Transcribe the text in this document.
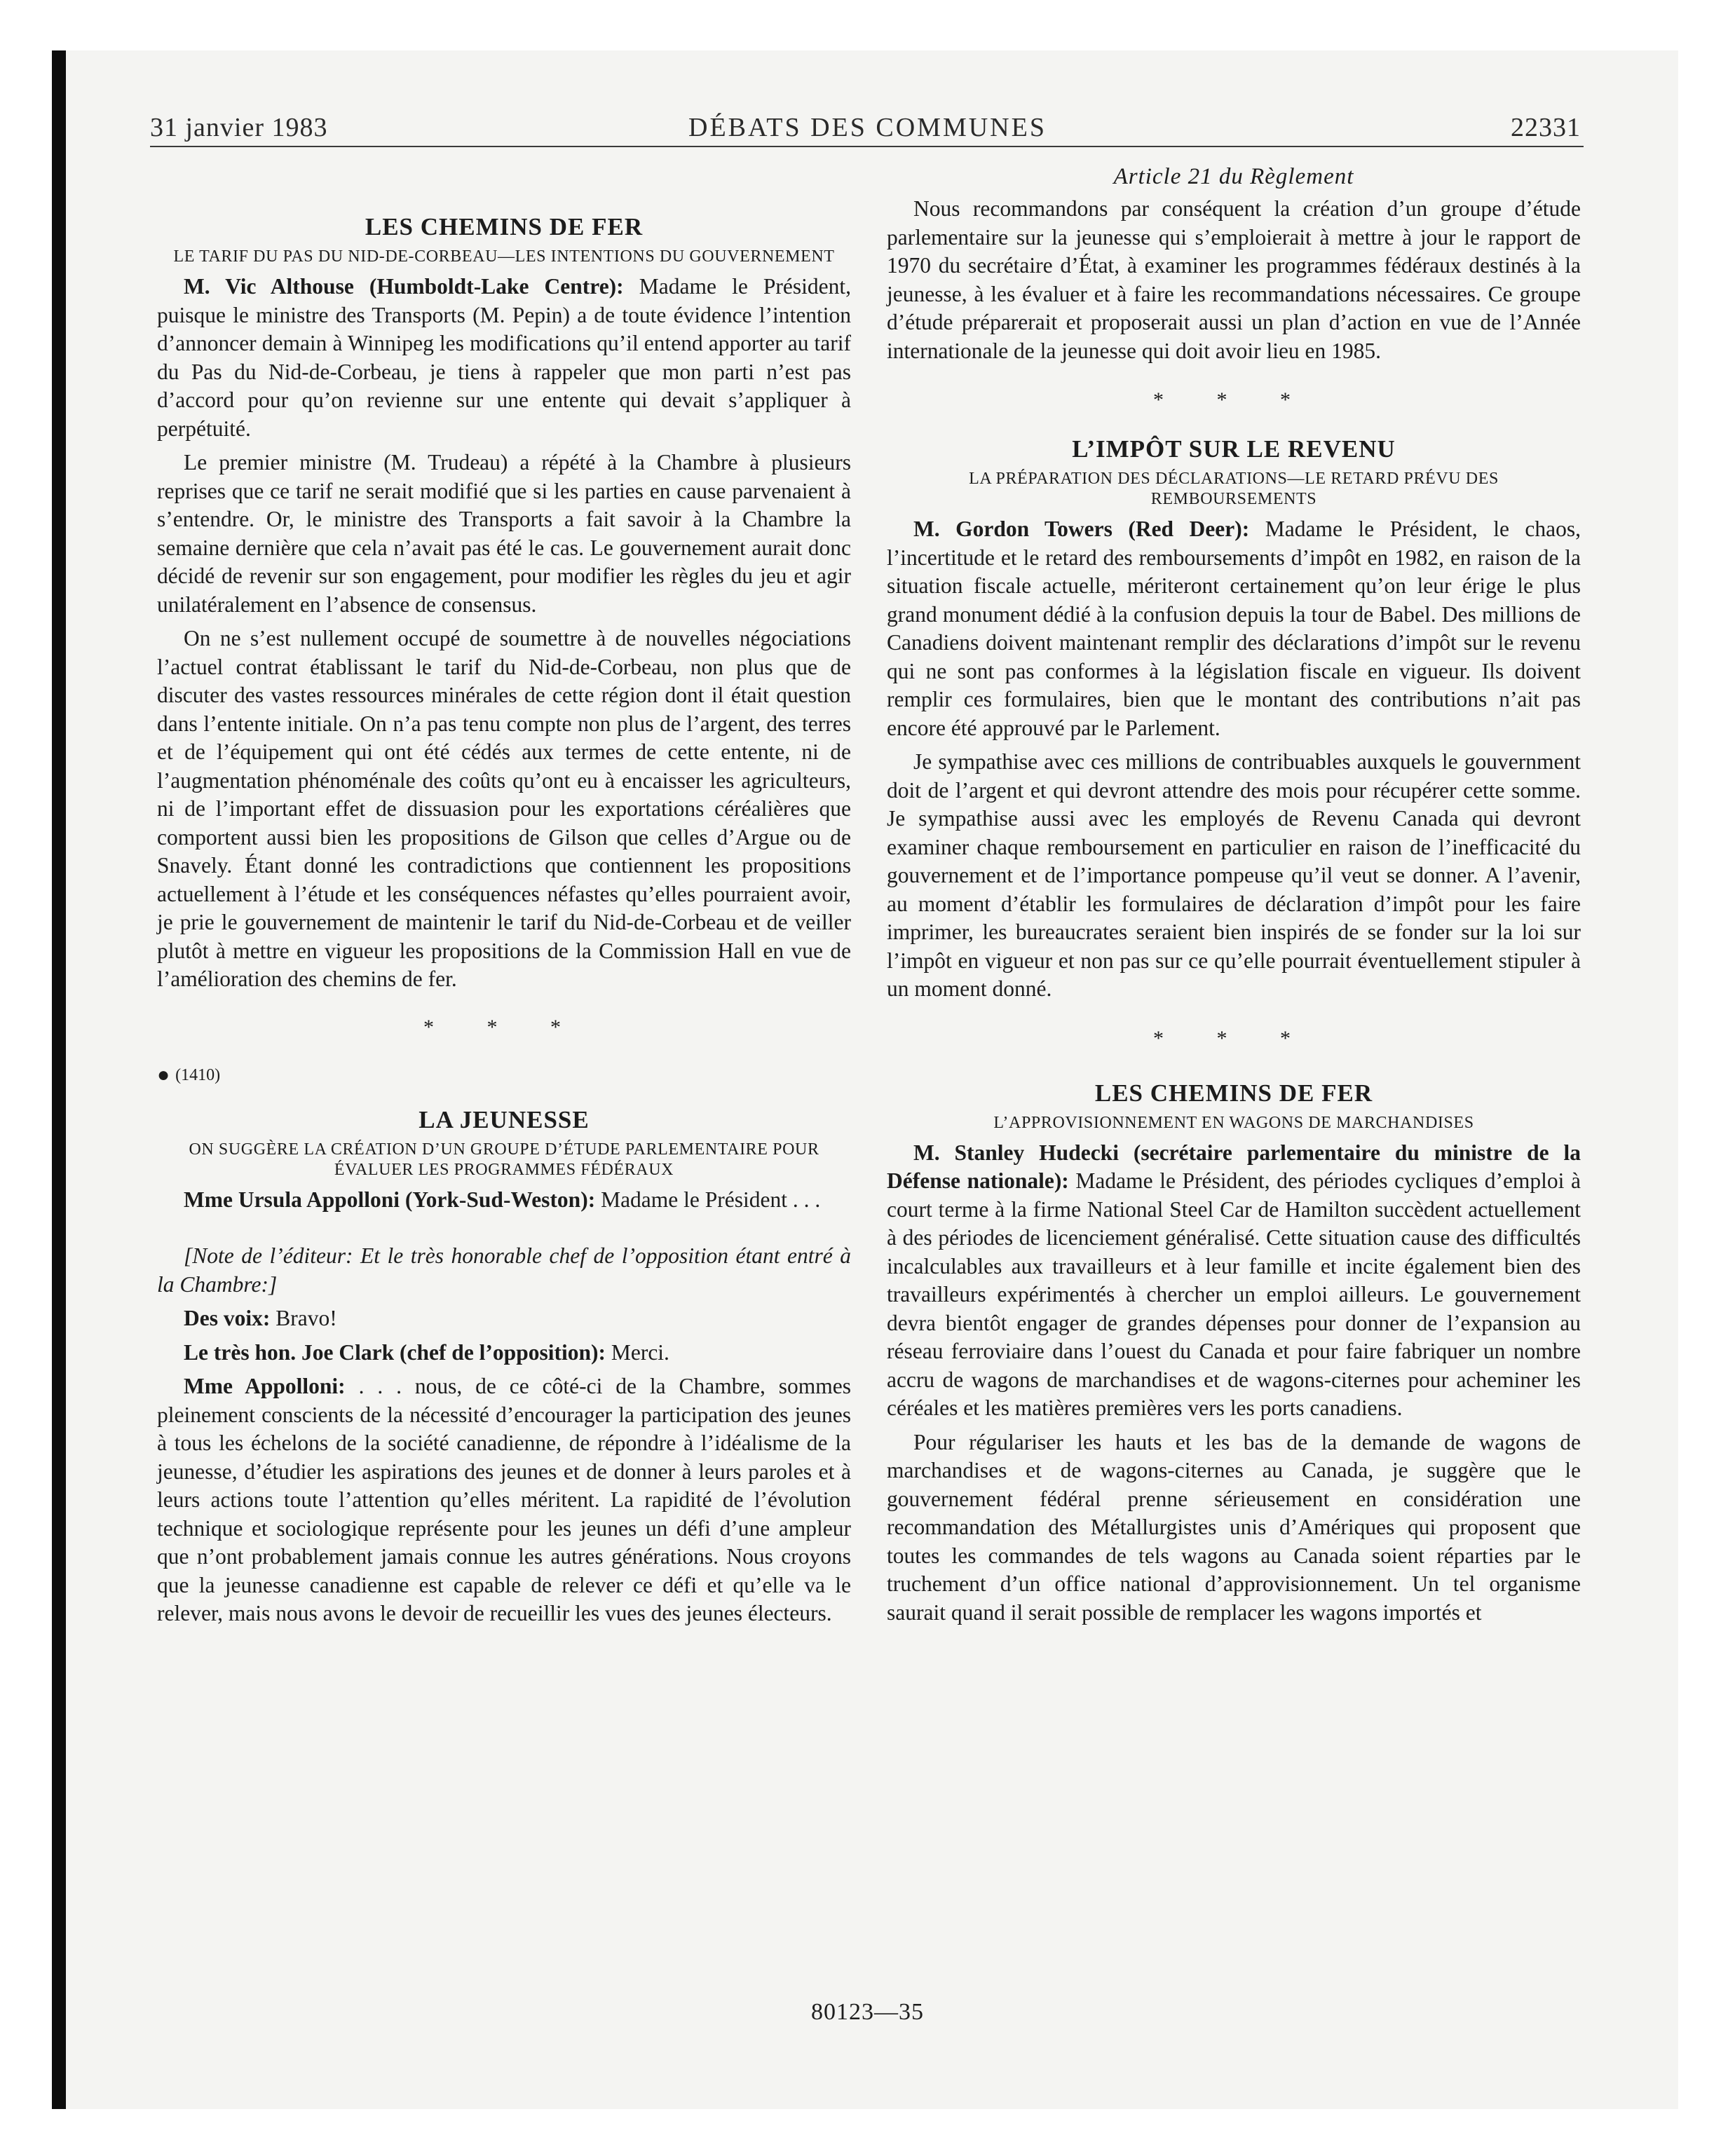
31 janvier 1983	DÉBATS DES COMMUNES	22331
LES CHEMINS DE FER
LE TARIF DU PAS DU NID-DE-CORBEAU—LES INTENTIONS DU GOUVERNEMENT

M. Vic Althouse (Humboldt-Lake Centre): Madame le Président, puisque le ministre des Transports (M. Pepin) a de toute évidence l’intention d’annoncer demain à Winnipeg les modifications qu’il entend apporter au tarif du Pas du Nid-de-Corbeau, je tiens à rappeler que mon parti n’est pas d’accord pour qu’on revienne sur une entente qui devait s’appliquer à perpétuité.

Le premier ministre (M. Trudeau) a répété à la Chambre à plusieurs reprises que ce tarif ne serait modifié que si les parties en cause parvenaient à s’entendre. Or, le ministre des Transports a fait savoir à la Chambre la semaine dernière que cela n’avait pas été le cas. Le gouvernement aurait donc décidé de revenir sur son engagement, pour modifier les règles du jeu et agir unilatéralement en l’absence de consensus.

On ne s’est nullement occupé de soumettre à de nouvelles négociations l’actuel contrat établissant le tarif du Nid-de-Corbeau, non plus que de discuter des vastes ressources minérales de cette région dont il était question dans l’entente initiale. On n’a pas tenu compte non plus de l’argent, des terres et de l’équipement qui ont été cédés aux termes de cette entente, ni de l’augmentation phénoménale des coûts qu’ont eu à encaisser les agriculteurs, ni de l’important effet de dissuasion pour les exportations céréalières que comportent aussi bien les propositions de Gilson que celles d’Argue ou de Snavely. Étant donné les contradictions que contiennent les propositions actuellement à l’étude et les conséquences néfastes qu’elles pourraient avoir, je prie le gouvernement de maintenir le tarif du Nid-de-Corbeau et de veiller plutôt à mettre en vigueur les propositions de la Commission Hall en vue de l’amélioration des chemins de fer.

* * *

● (1410)

LA JEUNESSE
ON SUGGÈRE LA CRÉATION D’UN GROUPE D’ÉTUDE PARLEMENTAIRE POUR ÉVALUER LES PROGRAMMES FÉDÉRAUX

Mme Ursula Appolloni (York-Sud-Weston): Madame le Président . . .

[Note de l’éditeur: Et le très honorable chef de l’opposition étant entré à la Chambre:]

Des voix: Bravo!

Le très hon. Joe Clark (chef de l’opposition): Merci.

Mme Appolloni: . . . nous, de ce côté-ci de la Chambre, sommes pleinement conscients de la nécessité d’encourager la participation des jeunes à tous les échelons de la société canadienne, de répondre à l’idéalisme de la jeunesse, d’étudier les aspirations des jeunes et de donner à leurs paroles et à leurs actions toute l’attention qu’elles méritent. La rapidité de l’évolution technique et sociologique représente pour les jeunes un défi d’une ampleur que n’ont probablement jamais connue les autres générations. Nous croyons que la jeunesse canadienne est capable de relever ce défi et qu’elle va le relever, mais nous avons le devoir de recueillir les vues des jeunes électeurs.

Article 21 du Règlement

Nous recommandons par conséquent la création d’un groupe d’étude parlementaire sur la jeunesse qui s’emploierait à mettre à jour le rapport de 1970 du secrétaire d’État, à examiner les programmes fédéraux destinés à la jeunesse, à les évaluer et à faire les recommandations nécessaires. Ce groupe d’étude préparerait et proposerait aussi un plan d’action en vue de l’Année internationale de la jeunesse qui doit avoir lieu en 1985.

* * *
L’IMPÔT SUR LE REVENU
LA PRÉPARATION DES DÉCLARATIONS—LE RETARD PRÉVU DES REMBOURSEMENTS

M. Gordon Towers (Red Deer): Madame le Président, le chaos, l’incertitude et le retard des remboursements d’impôt en 1982, en raison de la situation fiscale actuelle, mériteront certainement qu’on leur érige le plus grand monument dédié à la confusion depuis la tour de Babel. Des millions de Canadiens doivent maintenant remplir des déclarations d’impôt sur le revenu qui ne sont pas conformes à la législation fiscale en vigueur. Ils doivent remplir ces formulaires, bien que le montant des contributions n’ait pas encore été approuvé par le Parlement.

Je sympathise avec ces millions de contribuables auxquels le gouvernment doit de l’argent et qui devront attendre des mois pour récupérer cette somme. Je sympathise aussi avec les employés de Revenu Canada qui devront examiner chaque remboursement en particulier en raison de l’inefficacité du gouvernement et de l’importance pompeuse qu’il veut se donner. A l’avenir, au moment d’établir les formulaires de déclaration d’impôt pour les faire imprimer, les bureaucrates seraient bien inspirés de se fonder sur la loi sur l’impôt en vigueur et non pas sur ce qu’elle pourrait éventuellement stipuler à un moment donné.

* * *
LES CHEMINS DE FER
L’APPROVISIONNEMENT EN WAGONS DE MARCHANDISES

M. Stanley Hudecki (secrétaire parlementaire du ministre de la Défense nationale): Madame le Président, des périodes cycliques d’emploi à court terme à la firme National Steel Car de Hamilton succèdent actuellement à des périodes de licenciement généralisé. Cette situation cause des difficultés incalculables aux travailleurs et à leur famille et incite également bien des travailleurs expérimentés à chercher un emploi ailleurs. Le gouvernement devra bientôt engager de grandes dépenses pour donner de l’expansion au réseau ferroviaire dans l’ouest du Canada et pour faire fabriquer un nombre accru de wagons de marchandises et de wagons-citernes pour acheminer les céréales et les matières premières vers les ports canadiens.

Pour régulariser les hauts et les bas de la demande de wagons de marchandises et de wagons-citernes au Canada, je suggère que le gouvernement fédéral prenne sérieusement en considération une recommandation des Métallurgistes unis d’Amériques qui proposent que toutes les commandes de tels wagons au Canada soient réparties par le truchement d’un office national d’approvisionnement. Un tel organisme saurait quand il serait possible de remplacer les wagons importés et

80123—35
